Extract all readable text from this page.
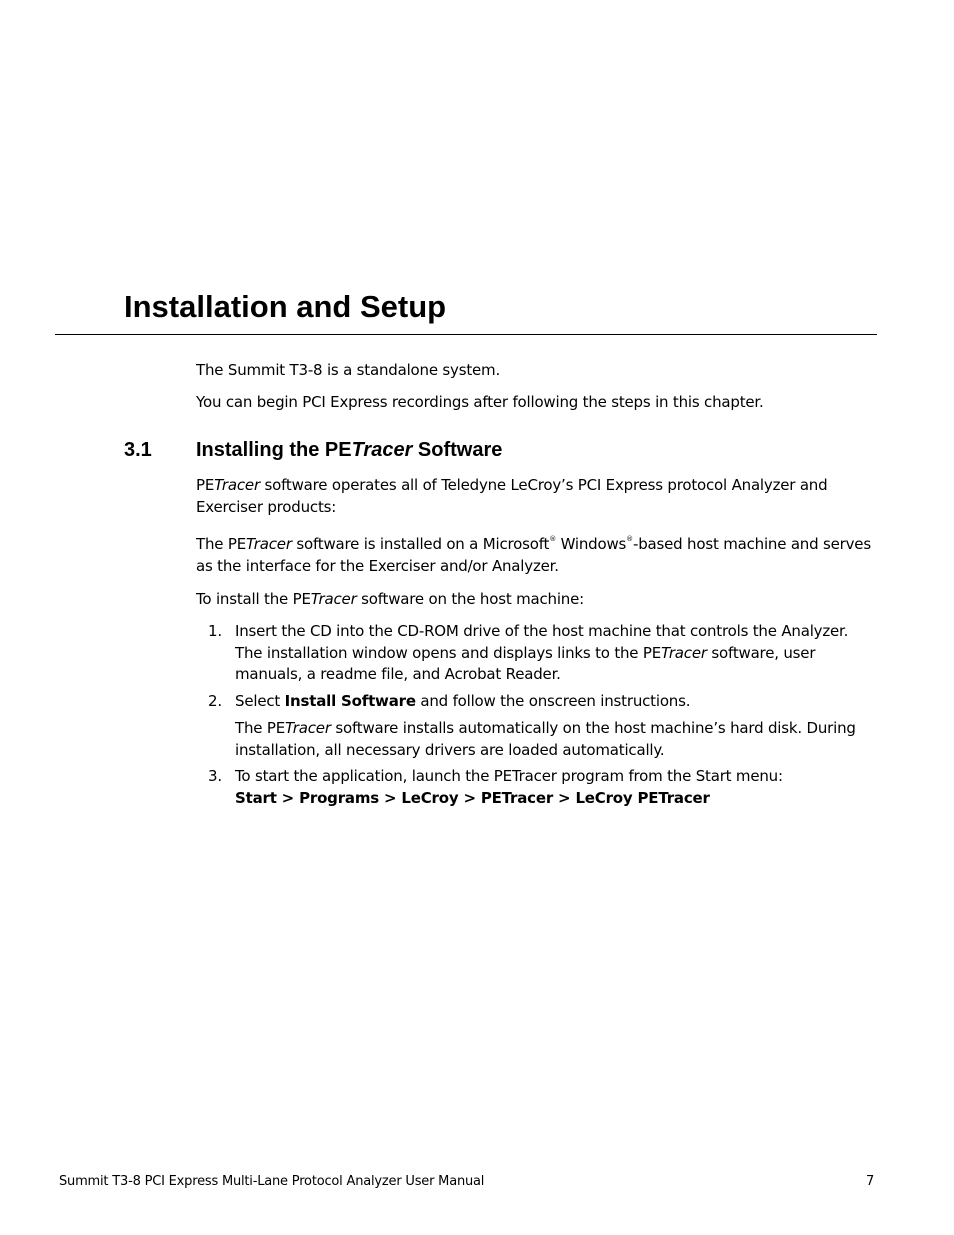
Installation and Setup

The Summit T3-8 is a standalone system.

You can begin PCI Express recordings after following the steps in this chapter.

3.1 Installing the PETracer Software

PETracer software operates all of Teledyne LeCroy’s PCI Express protocol Analyzer and Exerciser products:

The PETracer software is installed on a Microsoft® Windows®-based host machine and serves as the interface for the Exerciser and/or Analyzer.

To install the PETracer software on the host machine:

1. Insert the CD into the CD-ROM drive of the host machine that controls the Analyzer. The installation window opens and displays links to the PETracer software, user manuals, a readme file, and Acrobat Reader.
2. Select Install Software and follow the onscreen instructions.
The PETracer software installs automatically on the host machine’s hard disk. During installation, all necessary drivers are loaded automatically.
3. To start the application, launch the PETracer program from the Start menu:
Start > Programs > LeCroy > PETracer > LeCroy PETracer
Summit T3-8 PCI Express Multi-Lane Protocol Analyzer User Manual	7
